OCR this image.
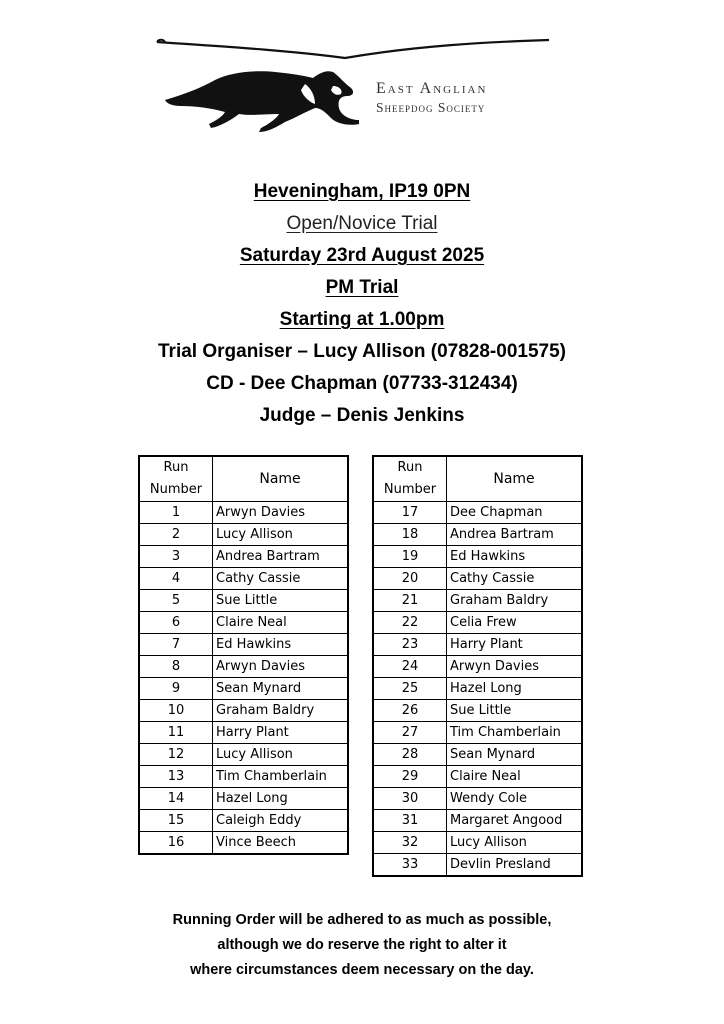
East Anglian
Sheepdog Society
Heveningham, IP19 0PN
Open/Novice Trial
Saturday 23rd August 2025
PM Trial
Starting at 1.00pm
Trial Organiser – Lucy Allison (07828-001575)
CD - Dee Chapman (07733-312434)
Judge – Denis Jenkins
Run
Number	Name
1	Arwyn Davies
2	Lucy Allison
3	Andrea Bartram
4	Cathy Cassie
5	Sue Little
6	Claire Neal
7	Ed Hawkins
8	Arwyn Davies
9	Sean Mynard
10	Graham Baldry
11	Harry Plant
12	Lucy Allison
13	Tim Chamberlain
14	Hazel Long
15	Caleigh Eddy
16	Vince Beech
Run
Number	Name
17	Dee Chapman
18	Andrea Bartram
19	Ed Hawkins
20	Cathy Cassie
21	Graham Baldry
22	Celia Frew
23	Harry Plant
24	Arwyn Davies
25	Hazel Long
26	Sue Little
27	Tim Chamberlain
28	Sean Mynard
29	Claire Neal
30	Wendy Cole
31	Margaret Angood
32	Lucy Allison
33	Devlin Presland
Running Order will be adhered to as much as possible,
although we do reserve the right to alter it
where circumstances deem necessary on the day.
